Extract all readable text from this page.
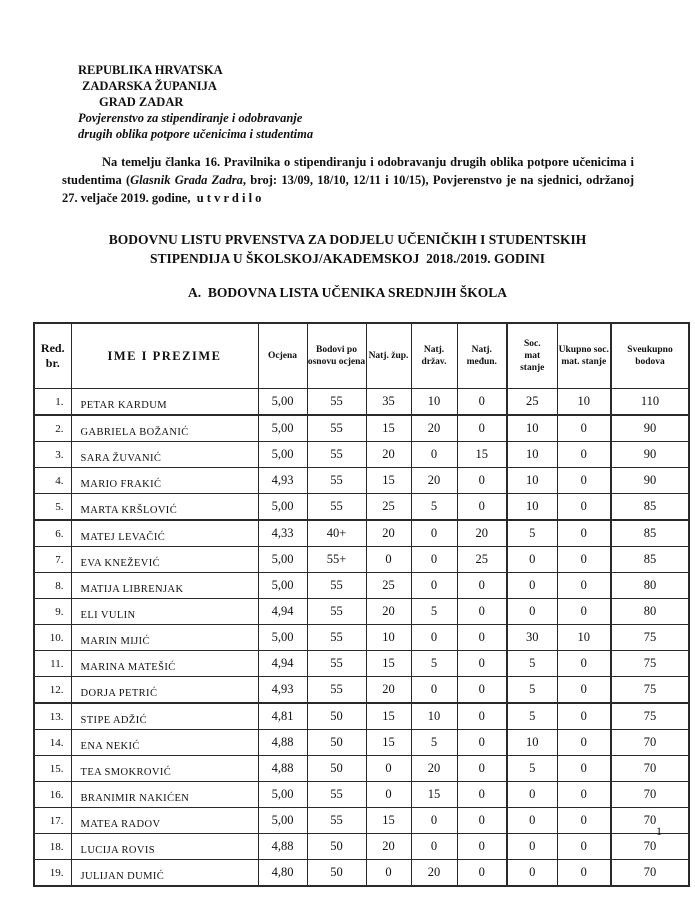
REPUBLIKA HRVATSKA
ZADARSKA ŽUPANIJA
GRAD ZADAR
Povjerenstvo za stipendiranje i odobravanje
drugih oblika potpore učenicima i studentima

Na temelju članka 16. Pravilnika o stipendiranju i odobravanju drugih oblika potpore učenicima i studentima (Glasnik Grada Zadra, broj: 13/09, 18/10, 12/11 i 10/15), Povjerenstvo je na sjednici, održanoj 27. veljače 2019. godine,  u t v r d i l o

BODOVNU LISTU PRVENSTVA ZA DODJELU UČENIČKIH I STUDENTSKIH
STIPENDIJA U ŠKOLSKOJ/AKADEMSKOJ  2018./2019. GODINI
A.  BODOVNA LISTA UČENIKA SREDNJIH ŠKOLA
Red. br.	IME I PREZIME	Ocjena	Bodovi po osnovu ocjena	Natj. žup.	Natj. držav.	Natj. međun.	Soc. mat stanje	Ukupno soc. mat. stanje	Sveukupno bodova
1.	PETAR KARDUM	5,00	55	35	10	0	25	10	110
2.	GABRIELA BOŽANIĆ	5,00	55	15	20	0	10	0	90
3.	SARA ŽUVANIĆ	5,00	55	20	0	15	10	0	90
4.	MARIO FRAKIĆ	4,93	55	15	20	0	10	0	90
5.	MARTA KRŠLOVIĆ	5,00	55	25	5	0	10	0	85
6.	MATEJ LEVAČIĆ	4,33	40+	20	0	20	5	0	85
7.	EVA KNEŽEVIĆ	5,00	55+	0	0	25	0	0	85
8.	MATIJA LIBRENJAK	5,00	55	25	0	0	0	0	80
9.	ELI VULIN	4,94	55	20	5	0	0	0	80
10.	MARIN MIJIĆ	5,00	55	10	0	0	30	10	75
11.	MARINA MATEŠIĆ	4,94	55	15	5	0	5	0	75
12.	DORJA PETRIĆ	4,93	55	20	0	0	5	0	75
13.	STIPE ADŽIĆ	4,81	50	15	10	0	5	0	75
14.	ENA NEKIĆ	4,88	50	15	5	0	10	0	70
15.	TEA SMOKROVIĆ	4,88	50	0	20	0	5	0	70
16.	BRANIMIR NAKIĆEN	5,00	55	0	15	0	0	0	70
17.	MATEA RADOV	5,00	55	15	0	0	0	0	70
18.	LUCIJA ROVIS	4,88	50	20	0	0	0	0	70
19.	JULIJAN DUMIĆ	4,80	50	0	20	0	0	0	70
1
